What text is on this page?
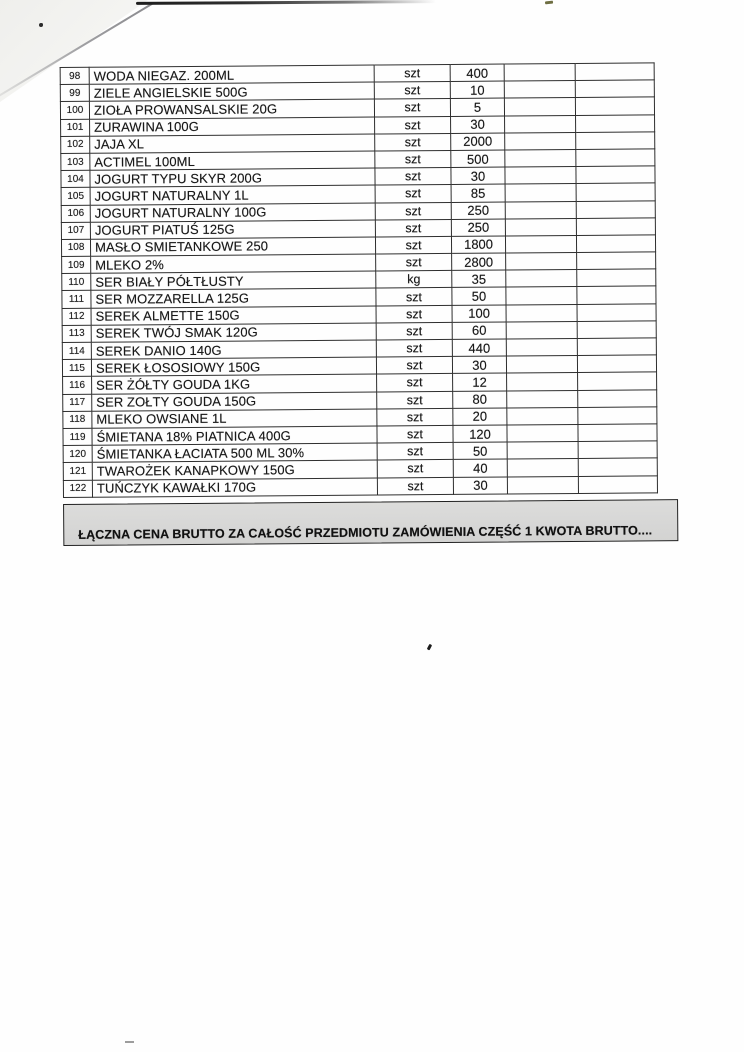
98	WODA NIEGAZ. 200ML	szt	400		
99	ZIELE ANGIELSKIE 500G	szt	10		
100	ZIOŁA PROWANSALSKIE 20G	szt	5		
101	ZURAWINA 100G	szt	30		
102	JAJA XL	szt	2000		
103	ACTIMEL 100ML	szt	500		
104	JOGURT TYPU SKYR 200G	szt	30		
105	JOGURT NATURALNY 1L	szt	85		
106	JOGURT NATURALNY 100G	szt	250		
107	JOGURT PIATUŚ 125G	szt	250		
108	MASŁO SMIETANKOWE 250	szt	1800		
109	MLEKO 2%	szt	2800		
110	SER BIAŁY PÓŁTŁUSTY	kg	35		
111	SER MOZZARELLA 125G	szt	50		
112	SEREK ALMETTE 150G	szt	100		
113	SEREK TWÓJ SMAK 120G	szt	60		
114	SEREK DANIO 140G	szt	440		
115	SEREK ŁOSOSIOWY 150G	szt	30		
116	SER ŻÓŁTY GOUDA 1KG	szt	12		
117	SER ZOŁTY GOUDA 150G	szt	80		
118	MLEKO OWSIANE 1L	szt	20		
119	ŚMIETANA 18% PIATNICA 400G	szt	120		
120	ŚMIETANKA ŁACIATA 500 ML 30%	szt	50		
121	TWAROŻEK KANAPKOWY 150G	szt	40		
122	TUŃCZYK KAWAŁKI 170G	szt	30		
ŁĄCZNA CENA BRUTTO ZA CAŁOŚĆ PRZEDMIOTU ZAMÓWIENIA CZĘŚĆ 1 KWOTA BRUTTO....
